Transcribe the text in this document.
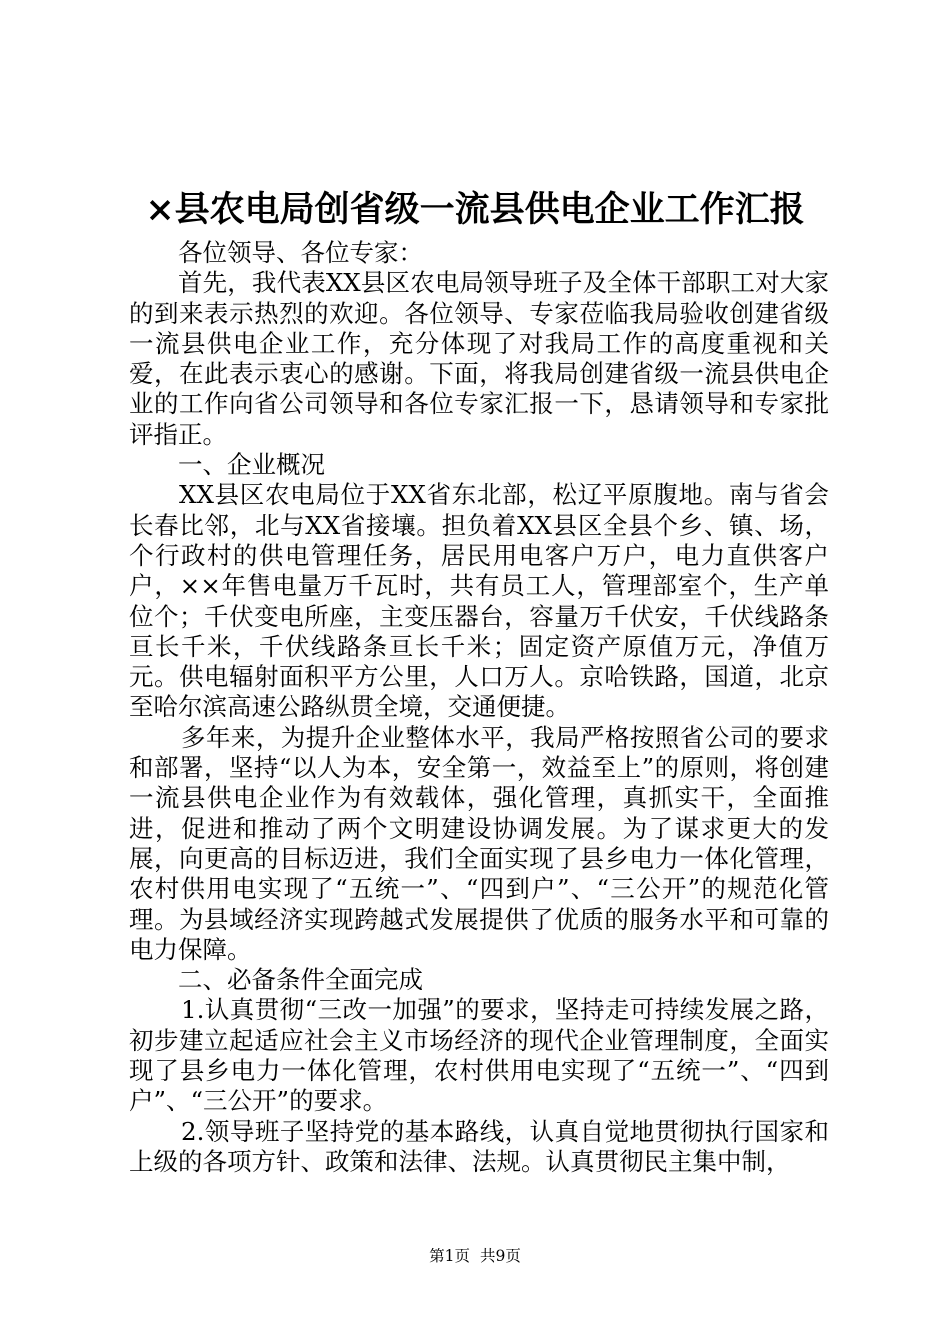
×县农电局创省级一流县供电企业工作汇报

各位领导、各位专家：

首先，我代表XX县区农电局领导班子及全体干部职工对大家的到来表示热烈的欢迎。各位领导、专家莅临我局验收创建省级一流县供电企业工作，充分体现了对我局工作的高度重视和关爱，在此表示衷心的感谢。下面，将我局创建省级一流县供电企业的工作向省公司领导和各位专家汇报一下，恳请领导和专家批评指正。

一、企业概况

XX县区农电局位于XX省东北部，松辽平原腹地。南与省会长春比邻，北与XX省接壤。担负着XX县区全县个乡、镇、场，个行政村的供电管理任务，居民用电客户万户，电力直供客户户，××年售电量万千瓦时，共有员工人，管理部室个，生产单位个；千伏变电所座，主变压器台，容量万千伏安，千伏线路条亘长千米，千伏线路条亘长千米；固定资产原值万元，净值万元。供电辐射面积平方公里，人口万人。京哈铁路，国道，北京至哈尔滨高速公路纵贯全境，交通便捷。

多年来，为提升企业整体水平，我局严格按照省公司的要求和部署，坚持“以人为本，安全第一，效益至上”的原则，将创建一流县供电企业作为有效载体，强化管理，真抓实干，全面推进，促进和推动了两个文明建设协调发展。为了谋求更大的发展，向更高的目标迈进，我们全面实现了县乡电力一体化管理，农村供用电实现了“五统一”、“四到户”、“三公开”的规范化管理。为县域经济实现跨越式发展提供了优质的服务水平和可靠的电力保障。

二、必备条件全面完成

1.认真贯彻“三改一加强”的要求，坚持走可持续发展之路，初步建立起适应社会主义市场经济的现代企业管理制度，全面实现了县乡电力一体化管理，农村供用电实现了“五统一”、“四到户”、“三公开”的要求。

2.领导班子坚持党的基本路线，认真自觉地贯彻执行国家和上级的各项方针、政策和法律、法规。认真贯彻民主集中制，

第1页 共9页
